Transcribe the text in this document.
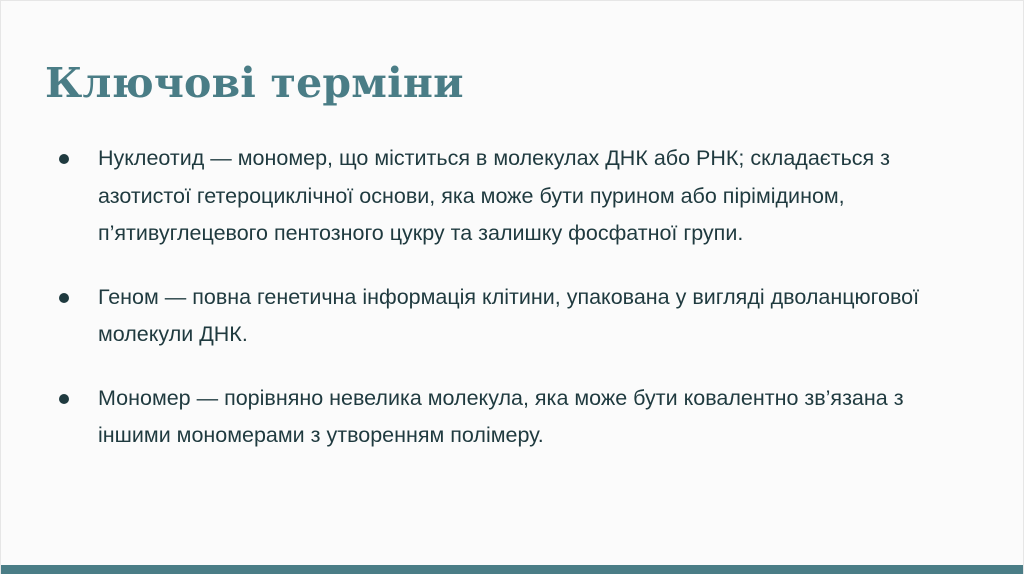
Ключові терміни
Нуклеотид — мономер, що міститься в молекулах ДНК або РНК; складається з азотистої гетероциклічної основи, яка може бути пурином або пірімідином, п’ятивуглецевого пентозного цукру та залишку фосфатної групи.
Геном — повна генетична інформація клітини, упакована у вигляді дволанцюгової молекули ДНК.
Мономер — порівняно невелика молекула, яка може бути ковалентно зв’язана з іншими мономерами з утворенням полімеру.
